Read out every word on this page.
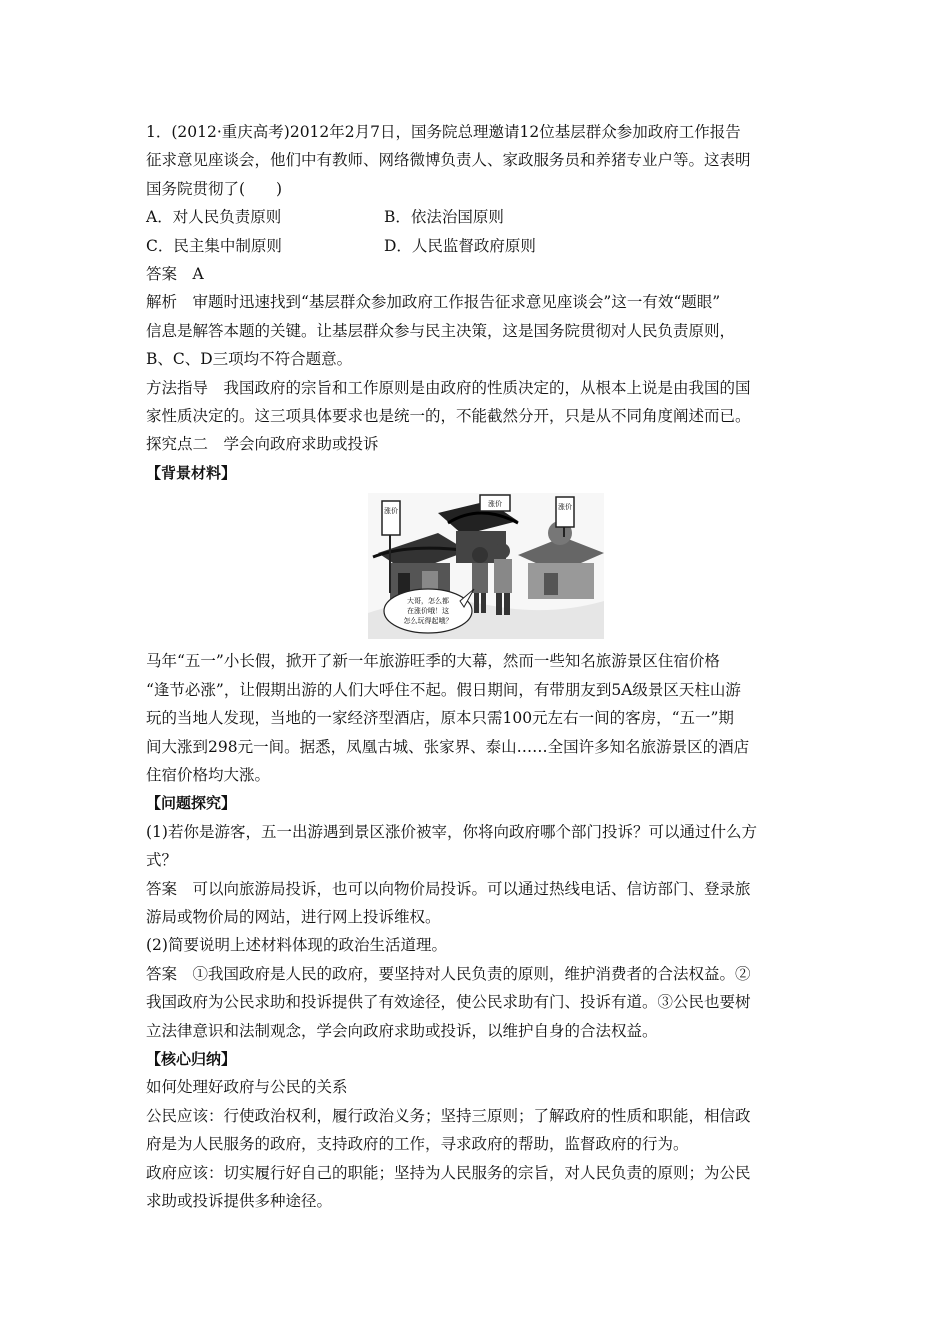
1．(2012·重庆高考)2012年2月7日，国务院总理邀请12位基层群众参加政府工作报告
征求意见座谈会，他们中有教师、网络微博负责人、家政服务员和养猪专业户等。这表明
国务院贯彻了(　　)
A．对人民负责原则	B．依法治国原则
C．民主集中制原则	D．人民监督政府原则
答案　A
解析　审题时迅速找到“基层群众参加政府工作报告征求意见座谈会”这一有效“题眼”
信息是解答本题的关键。让基层群众参与民主决策，这是国务院贯彻对人民负责原则，
B、C、D三项均不符合题意。
方法指导　我国政府的宗旨和工作原则是由政府的性质决定的，从根本上说是由我国的国
家性质决定的。这三项具体要求也是统一的，不能截然分开，只是从不同角度阐述而已。
探究点二　学会向政府求助或投诉
【背景材料】
涨价
涨价	涨价
大哥，怎么都
在涨价哦！这
怎么玩得起哦？
马年“五一”小长假，掀开了新一年旅游旺季的大幕，然而一些知名旅游景区住宿价格
“逢节必涨”，让假期出游的人们大呼住不起。假日期间，有带朋友到5A级景区天柱山游
玩的当地人发现，当地的一家经济型酒店，原本只需100元左右一间的客房，“五一”期
间大涨到298元一间。据悉，凤凰古城、张家界、泰山……全国许多知名旅游景区的酒店
住宿价格均大涨。
【问题探究】
(1)若你是游客，五一出游遇到景区涨价被宰，你将向政府哪个部门投诉？可以通过什么方
式？
答案　可以向旅游局投诉，也可以向物价局投诉。可以通过热线电话、信访部门、登录旅
游局或物价局的网站，进行网上投诉维权。
(2)简要说明上述材料体现的政治生活道理。
答案　①我国政府是人民的政府，要坚持对人民负责的原则，维护消费者的合法权益。②
我国政府为公民求助和投诉提供了有效途径，使公民求助有门、投诉有道。③公民也要树
立法律意识和法制观念，学会向政府求助或投诉，以维护自身的合法权益。
【核心归纳】
如何处理好政府与公民的关系
公民应该：行使政治权利，履行政治义务；坚持三原则；了解政府的性质和职能，相信政
府是为人民服务的政府，支持政府的工作，寻求政府的帮助，监督政府的行为。
政府应该：切实履行好自己的职能；坚持为人民服务的宗旨，对人民负责的原则；为公民
求助或投诉提供多种途径。
